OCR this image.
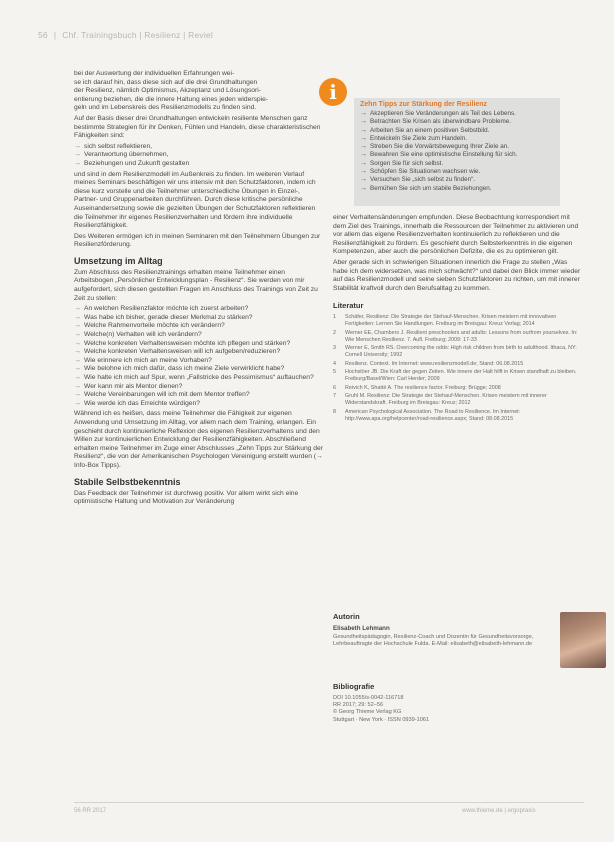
56 | Chf. Trainingsbuch | Resilienz | Reviel

bei der Auswertung der individuellen Erfahrungen wei-

se ich darauf hin, dass diese sich auf die drei Grundhaltungen

der Resilienz, nämlich Optimismus, Akzeptanz und Lösungsori-

entierung beziehen, die die innere Haltung eines jeden widerspie-

geln und im Lebenskreis des Resilienzmodells zu finden sind.

Auf der Basis dieser drei Grundhaltungen entwickeln resiliente Menschen ganz bestimmte Strategien für ihr Denken, Fühlen und Handeln, diese charakteristischen Fähigkeiten sind:

→ sich selbst reflektieren,
→ Verantwortung übernehmen,
→ Beziehungen und Zukunft gestalten

und sind in dem Resilienzmodell im Außenkreis zu finden. Im weiteren Verlauf meines Seminars beschäftigen wir uns intensiv mit den Schutzfaktoren, indem ich diese kurz vorstelle und die Teilnehmer unterschiedliche Übungen in Einzel-, Partner- und Gruppenarbeiten durchführen. Durch diese kritische persönliche Auseinandersetzung sowie die gezielten Übungen der Schutzfaktoren reflektieren die Teilnehmer ihr eigenes Resilienzverhalten und fördern ihre individuelle Resilienzfähigkeit.

Des Weiteren ermögen ich in meinen Seminaren mit den Teilnehmern Übungen zur Resilienzförderung.

Umsetzung im Alltag

Zum Abschluss des Resilienztrainings erhalten meine Teilnehmer einen Arbeitsbogen „Persönlicher Entwicklungsplan - Resilienz“. Sie werden von mir aufgefordert, sich diesen gestellten Fragen im Anschluss des Trainings von Zeit zu Zeit zu stellen:

→ An welchen Resilienzfaktor möchte ich zuerst arbeiten?
→ Was habe ich bisher, gerade dieser Merkmal zu stärken?
→ Welche Rahmenvorteile möchte ich verändern?
→ Welche(n) Verhalten will ich verändern?
→ Welche konkreten Verhaltensweisen möchte ich pflegen und stärken?
→ Welche konkreten Verhaltensweisen will ich aufgeben/reduzieren?
→ Wie erinnere ich mich an meine Vorhaben?
→ Wie belohne ich mich dafür, dass ich meine Ziele verwirklicht habe?
→ Wie halte ich mich auf Spur, wenn „Fallstricke des Pessimismus“ auftauchen?
→ Wer kann mir als Mentor dienen?
→ Welche Vereinbarungen will ich mit dem Mentor treffen?
→ Wie werde ich das Erreichte würdigen?

Während ich es heißen, dass meine Teilnehmer die Fähigkeit zur eigenen Anwendung und Umsetzung im Alltag, vor allem nach dem Training, erlangen. Ein geschieht durch kontinuierliche Reflexion des eigenen Resilienzverhaltens und den Willen zur kontinuierlichen Entwicklung der Resilienzfähigkeiten. Abschließend erhalten meine Teilnehmer im Zuge einer Abschlusses „Zehn Tipps zur Stärkung der Resilienz“, die von der Amerikanischen Psychologen Vereinigung erstellt wurden (→ Info-Box Tipps).

Stabile Selbstbekenntnis

Das Feedback der Teilnehmer ist durchweg positiv. Vor allem wirkt sich eine optimistische Haltung und Motivation zur Veränderung

i
Zehn Tipps zur Stärkung der Resilienz
→ Akzeptieren Sie Veränderungen als Teil des Lebens.
→ Betrachten Sie Krisen als überwindbare Probleme.
→ Arbeiten Sie an einem positiven Selbstbild.
→ Entwickeln Sie Ziele zum Handeln.
→ Streben Sie die Vorwärtsbewegung Ihrer Ziele an.
→ Bewahren Sie eine optimistische Einstellung für sich.
→ Sorgen Sie für sich selbst.
→ Schöpfen Sie Situationen wachsen wie.
→ Versuchen Sie „sich selbst zu finden“.
→ Bemühen Sie sich um stabile Beziehungen.

einer Verhaltensänderungen empfunden. Diese Beobachtung korrespondiert mit dem Ziel des Trainings, innerhalb die Ressourcen der Teilnehmer zu aktivieren und vor allem das eigene Resilienzverhalten kontinuierlich zu reflektieren und die Resilienzfähigkeit zu fördern. Es geschieht durch Selbsterkenntnis in die eigenen Kompetenzen, aber auch die persönlichen Defizite, die es zu optimieren gilt.

Aber gerade sich in schwierigen Situationen innerlich die Frage zu stellen „Was habe ich dem widersetzen, was mich schwächt?“ und dabei den Blick immer wieder auf das Resilienzmodell und seine sieben Schutzfaktoren zu richten, um mit innerer Stabilität kraftvoll durch den Berufsalltag zu kommen.

Literatur
1 Schäfer, Resilienz: Die Strategie der Stehauf-Menschen. Krisen meistern mit innovativen Fertigkeiten: Lernen Sie Handlungen. Freiburg im Breisgau: Kreuz Verlag; 2014
2 Werner EE, Chambers J. Resilient preschoolers and adults: Lessons from ourfrom yourselves. In: Wie Menschen Resilienz. 7. Aufl. Freiburg; 2009: 17-33
3 Werner E, Smith RS. Overcoming the odds: High risk children from birth to adulthood. Ithaca, NY: Cornell University; 1992
4 Resilienz. Context. Im Internet: www.resilienzmodell.de; Stand: 06.08.2015
5 Hochstöer JB. Die Kraft der gegen Zeiten. Wie innere der Halt hilft in Krisen standhaft zu bleiben. Freiburg/Basel/Wien: Carl Herder; 2009
6 Reivich K, Shatté A. The resilience factor. Freiburg: Brügge; 2008
7 Gruhl M. Resilienz: Die Strategie der Stehauf-Menschen. Krisen meistern mit innerer Widerstandskraft. Freiburg im Breisgau: Kreuz; 2012
8 American Psychological Association. The Road to Resilience. Im Internet: http://www.apa.org/helpcenter/road-resilience.aspx; Stand: 08.08.2015
Autorin
Elisabeth Lehmann
Gesundheitspädagogin, Resilienz-Coach und Dozentin für Gesundheitsvorsorge, Lehrbeauftragte der Hochschule Fulda. E-Mail: elisabeth@elisabeth-lehmann.de
Bibliografie
DOI 10.1055/s-0042-116718
RR 2017; 29: 52–56
© Georg Thieme Verlag KG
Stuttgart · New York · ISSN 0939-1061
56 RR 2017	www.thieme.de | ergopraxis
